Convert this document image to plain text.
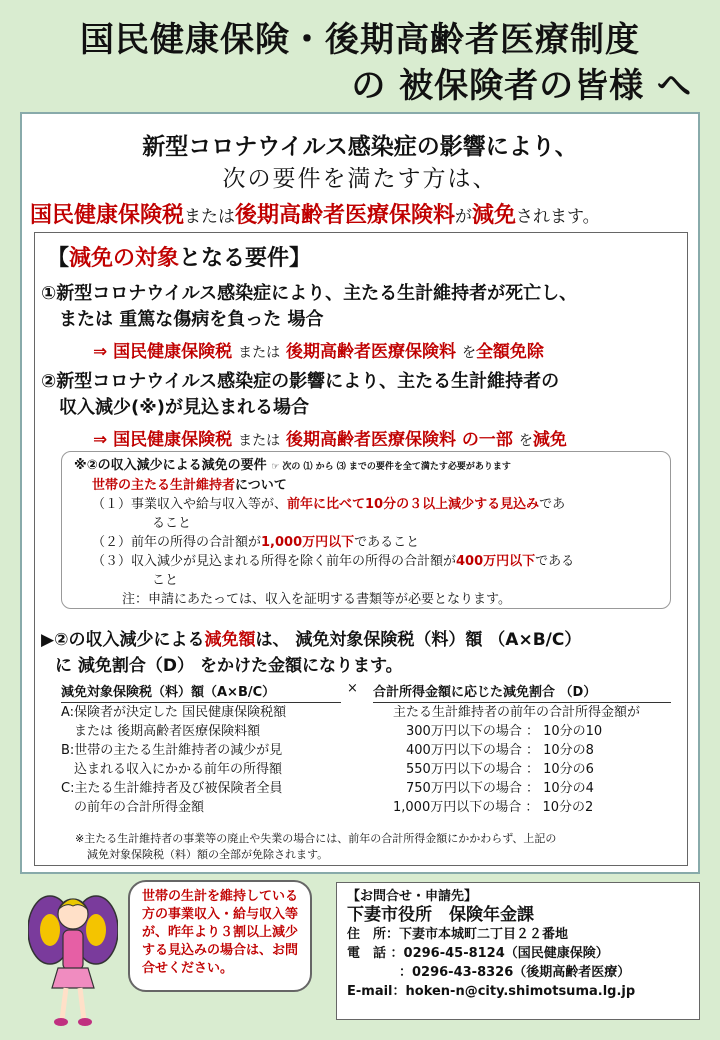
国民健康保険・後期高齢者医療制度
の 被保険者の皆様 へ
新型コロナウイルス感染症の影響により、
次の要件を満たす方は、
国民健康保険税または後期高齢者医療保険料が減免されます。
【減免の対象となる要件】
①新型コロナウイルス感染症により、主たる生計維持者が死亡し、
または 重篤な傷病を負った 場合
⇒ 国民健康保険税 または 後期高齢者医療保険料 を全額免除
②新型コロナウイルス感染症の影響により、主たる生計維持者の
収入減少(※)が見込まれる場合
⇒ 国民健康保険税 または 後期高齢者医療保険料 の一部 を減免
※②の収入減少による減免の要件 ☞ 次の ⑴ から ⑶ までの要件を全て満たす必要があります
世帯の主たる生計維持者について
（１）事業収入や給与収入等が、前年に比べて10分の３以上減少する見込みであ
ること
（２）前年の所得の合計額が1,000万円以下であること
（３）収入減少が見込まれる所得を除く前年の所得の合計額が400万円以下である
こと
注：申請にあたっては、収入を証明する書類等が必要となります。
▶②の収入減少による減免額は、 減免対象保険税（料）額 （A×B/C）
に 減免割合（D） をかけた金額になります。
減免対象保険税（料）額（A×B/C）
A:保険者が決定した 国民健康保険税額
　または 後期高齢者医療保険料額
B:世帯の主たる生計維持者の減少が見
　込まれる収入にかかる前年の所得額
C:主たる生計維持者及び被保険者全員
　の前年の合計所得金額
× 合計所得金額に応じた減免割合 （D）
主たる生計維持者の前年の合計所得金額が
　300万円以下の場合 ： 10分の10
　400万円以下の場合 ： 10分の8
　550万円以下の場合 ： 10分の6
　750万円以下の場合 ： 10分の4
1,000万円以下の場合 ： 10分の2
※主たる生計維持者の事業等の廃止や失業の場合には、前年の合計所得金額にかかわらず、上記の
減免対象保険税（料）額の全部が免除されます。
世帯の生計を維持している方の事業収入・給与収入等が、昨年より３割以上減少する見込みの場合は、お問合せください。
【お問合せ・申請先】
下妻市役所　保険年金課
住　所：下妻市本城町二丁目２２番地
電　話 ：0296-45-8124（国民健康保険）
　　　　：0296-43-8326（後期高齢者医療）
E-mail：hoken-n@city.shimotsuma.lg.jp
